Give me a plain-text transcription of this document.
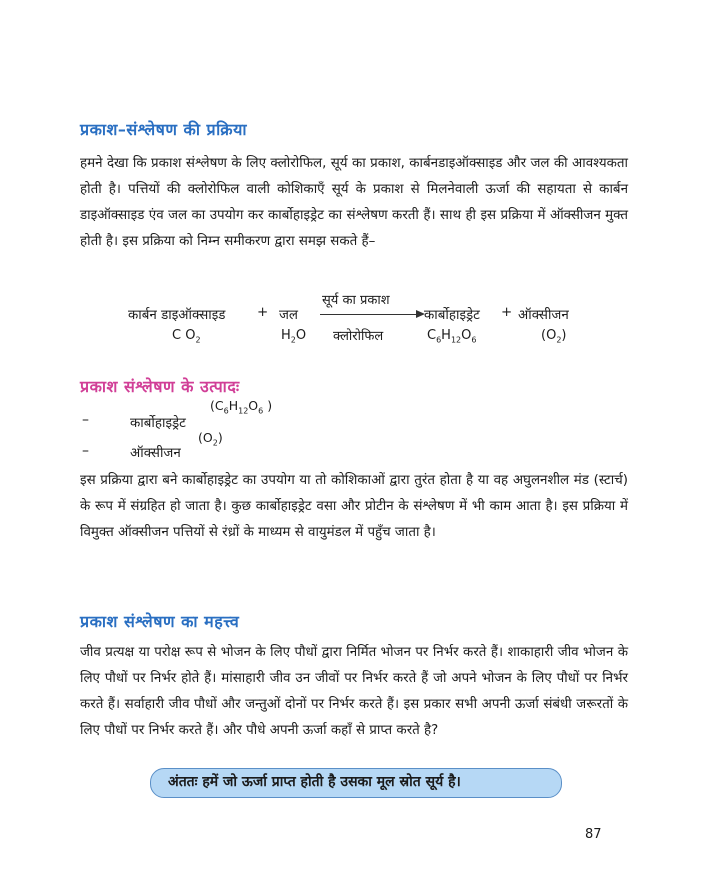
प्रकाश–संश्लेषण की प्रक्रिया

हमने देखा कि प्रकाश संश्लेषण के लिए क्लोरोफिल, सूर्य का प्रकाश, कार्बनडाइऑक्साइड और जल की आवश्यकता होती है। पत्तियों की क्लोरोफिल वाली कोशिकाएँ सूर्य के प्रकाश से मिलनेवाली ऊर्जा की सहायता से कार्बन डाइऑक्साइड एंव जल का उपयोग कर कार्बोहाइड्रेट का संश्लेषण करती हैं। साथ ही इस प्रक्रिया में ऑक्सीजन मुक्त होती है। इस प्रक्रिया को निम्न समीकरण द्वारा समझ सकते हैं–

कार्बन डाइऑक्साइड + जल
सूर्य का प्रकाश
क्लोरोफिल
कार्बोहाइड्रेट + ऑक्सीजन
C $O_2$	$H_2O$	$C_6H_{12}O_6$	$(O_2)$
प्रकाश संश्लेषण के उत्पादः
–	कार्बोहाइड्रेट
($C_6H_{12}O_6$ )
–	ऑक्सीजन
$(O_2)$

इस प्रक्रिया द्वारा बने कार्बोहाइड्रेट का उपयोग या तो कोशिकाओं द्वारा तुरंत होता है या वह अघुलनशील मंड (स्टार्च) के रूप में संग्रहित हो जाता है। कुछ कार्बोहाइड्रेट वसा और प्रोटीन के संश्लेषण में भी काम आता है। इस प्रक्रिया में विमुक्त ऑक्सीजन पत्तियों से रंध्रों के माध्यम से वायुमंडल में पहुँच जाता है।

प्रकाश संश्लेषण का महत्त्व

जीव प्रत्यक्ष या परोक्ष रूप से भोजन के लिए पौधों द्वारा निर्मित भोजन पर निर्भर करते हैं। शाकाहारी जीव भोजन के लिए पौधों पर निर्भर होते हैं। मांसाहारी जीव उन जीवों पर निर्भर करते हैं जो अपने भोजन के लिए पौधों पर निर्भर करते हैं। सर्वाहारी जीव पौधों और जन्तुओं दोनों पर निर्भर करते हैं। इस प्रकार सभी अपनी ऊर्जा संबंधी जरूरतों के लिए पौधों पर निर्भर करते हैं। और पौधे अपनी ऊर्जा कहाँ से प्राप्त करते है?

अंततः हमें जो ऊर्जा प्राप्त होती है उसका मूल स्रोत सूर्य है।
87
